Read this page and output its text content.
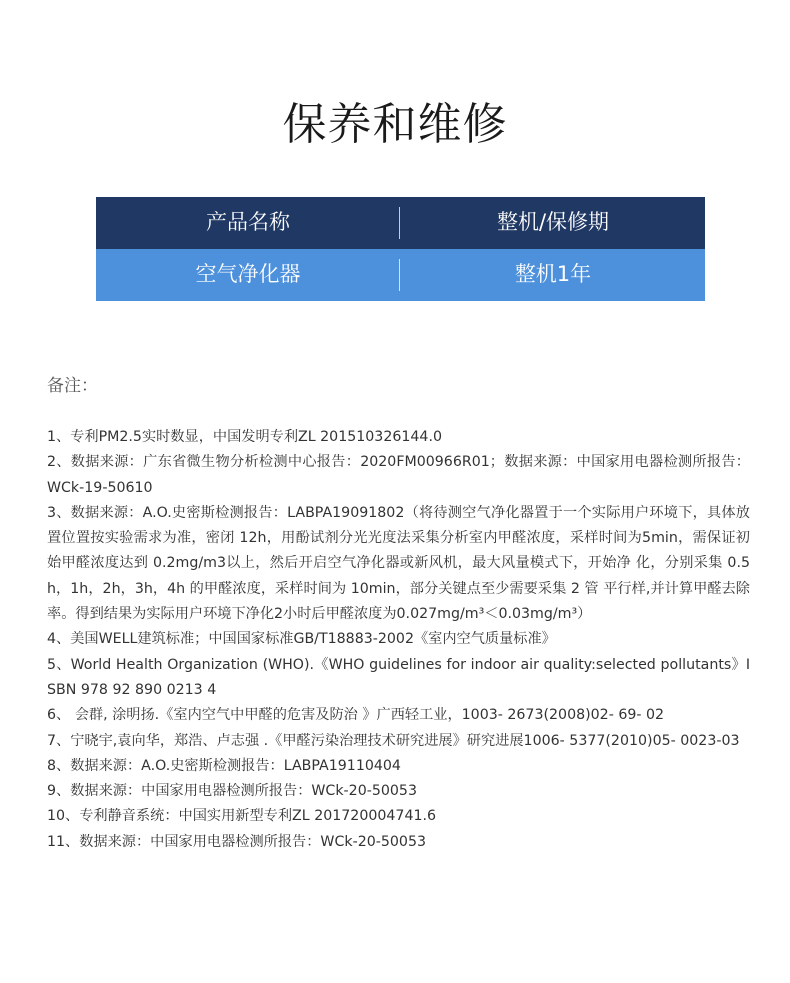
保养和维修
产品名称	整机/保修期
空气净化器	整机1年
备注：
1、专利PM2.5实时数显，中国发明专利ZL 201510326144.0
2、数据来源：广东省微生物分析检测中心报告：2020FM00966R01；数据来源：中国家用电器检测所报告：WCk-19-50610
3、数据来源：A.O.史密斯检测报告：LABPA19091802（将待测空气净化器置于一个实际用户环境下，具体放置位置按实验需求为准，密闭 12h，用酚试剂分光光度法采集分析室内甲醛浓度，采样时间为5min，需保证初始甲醛浓度达到 0.2mg/m3以上，然后开启空气净化器或新风机，最大风量模式下，开始净 化，分别采集 0.5h，1h，2h，3h，4h 的甲醛浓度，采样时间为 10min，部分关键点至少需要采集 2 管 平行样,并计算甲醛去除率。得到结果为实际用户环境下净化2小时后甲醛浓度为0.027mg/m³＜0.03mg/m³）
4、美国WELL建筑标准；中国国家标准GB/T18883-2002《室内空气质量标准》
5、World Health Organization (WHO).《WHO guidelines for indoor air quality:selected pollutants》ISBN 978 92 890 0213 4
6、 会群, 涂明扬.《室内空气中甲醛的危害及防治 》广西轻工业，1003- 2673(2008)02- 69- 02
7、宁晓宇,袁向华，郑浩、卢志强 .《甲醛污染治理技术研究进展》研究进展1006- 5377(2010)05- 0023-03
8、数据来源：A.O.史密斯检测报告：LABPA19110404
9、数据来源：中国家用电器检测所报告：WCk-20-50053
10、专利静音系统：中国实用新型专利ZL 201720004741.6
11、数据来源：中国家用电器检测所报告：WCk-20-50053
